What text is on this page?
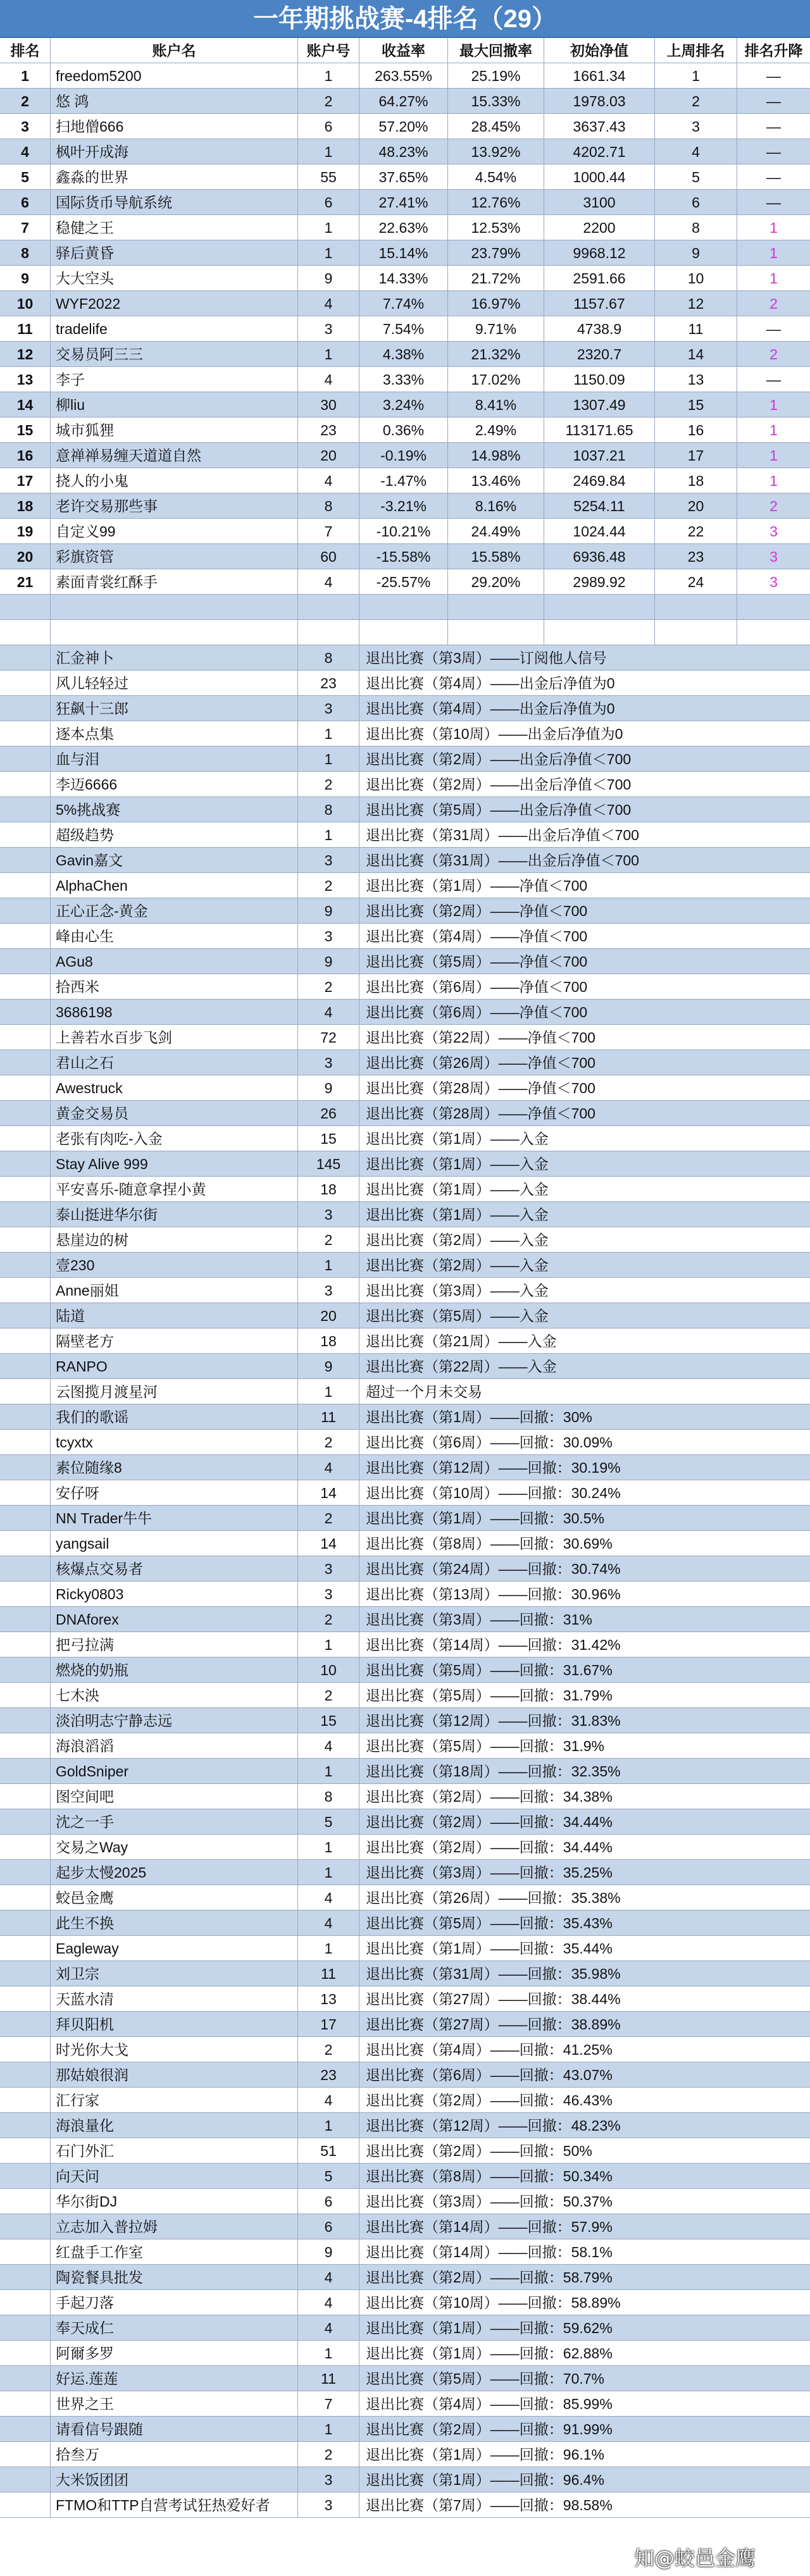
一年期挑战赛-4排名（29）
排名	账户名	账户号	收益率	最大回撤率	初始净值	上周排名	排名升降
1	freedom5200	1	263.55%	25.19%	1661.34	1	—
2	悠 鸿	2	64.27%	15.33%	1978.03	2	—
3	扫地僧666	6	57.20%	28.45%	3637.43	3	—
4	枫叶开成海	1	48.23%	13.92%	4202.71	4	—
5	鑫淼的世界	55	37.65%	4.54%	1000.44	5	—
6	国际货币导航系统	6	27.41%	12.76%	3100	6	—
7	稳健之王	1	22.63%	12.53%	2200	8	1
8	驿后黄昏	1	15.14%	23.79%	9968.12	9	1
9	大大空头	9	14.33%	21.72%	2591.66	10	1
10	WYF2022	4	7.74%	16.97%	1157.67	12	2
11	tradelife	3	7.54%	9.71%	4738.9	11	—
12	交易员阿三三	1	4.38%	21.32%	2320.7	14	2
13	李子	4	3.33%	17.02%	1150.09	13	—
14	柳liu	30	3.24%	8.41%	1307.49	15	1
15	城市狐狸	23	0.36%	2.49%	113171.65	16	1
16	意禅禅易缠天道道自然	20	-0.19%	14.98%	1037.21	17	1
17	挠人的小鬼	4	-1.47%	13.46%	2469.84	18	1
18	老许交易那些事	8	-3.21%	8.16%	5254.11	20	2
19	自定义99	7	-10.21%	24.49%	1024.44	22	3
20	彩旗资管	60	-15.58%	15.58%	6936.48	23	3
21	素面青裳红酥手	4	-25.57%	29.20%	2989.92	24	3
汇金神卜	8	退出比赛（第3周）——订阅他人信号
风儿轻轻过	23	退出比赛（第4周）——出金后净值为0
狂飙十三郎	3	退出比赛（第4周）——出金后净值为0
逐本点集	1	退出比赛（第10周）——出金后净值为0
血与泪	1	退出比赛（第2周）——出金后净值＜700
李迈6666	2	退出比赛（第2周）——出金后净值＜700
5%挑战赛	8	退出比赛（第5周）——出金后净值＜700
超级趋势	1	退出比赛（第31周）——出金后净值＜700
Gavin嘉文	3	退出比赛（第31周）——出金后净值＜700
AlphaChen	2	退出比赛（第1周）——净值＜700
正心正念-黄金	9	退出比赛（第2周）——净值＜700
峰由心生	3	退出比赛（第4周）——净值＜700
AGu8	9	退出比赛（第5周）——净值＜700
拾西米	2	退出比赛（第6周）——净值＜700
3686198	4	退出比赛（第6周）——净值＜700
上善若水百步飞剑	72	退出比赛（第22周）——净值＜700
君山之石	3	退出比赛（第26周）——净值＜700
Awestruck	9	退出比赛（第28周）——净值＜700
黄金交易员	26	退出比赛（第28周）——净值＜700
老张有肉吃-入金	15	退出比赛（第1周）——入金
Stay Alive 999	145	退出比赛（第1周）——入金
平安喜乐-随意拿捏小黄	18	退出比赛（第1周）——入金
泰山挺进华尔街	3	退出比赛（第1周）——入金
悬崖边的树	2	退出比赛（第2周）——入金
壹230	1	退出比赛（第2周）——入金
Anne丽姐	3	退出比赛（第3周）——入金
陆道	20	退出比赛（第5周）——入金
隔壁老方	18	退出比赛（第21周）——入金
RANPO	9	退出比赛（第22周）——入金
云图揽月渡星河	1	超过一个月未交易
我们的歌谣	11	退出比赛（第1周）——回撤：30%
tcyxtx	2	退出比赛（第6周）——回撤：30.09%
素位随缘8	4	退出比赛（第12周）——回撤：30.19%
安仔呀	14	退出比赛（第10周）——回撤：30.24%
NN Trader牛牛	2	退出比赛（第1周）——回撤：30.5%
yangsail	14	退出比赛（第8周）——回撤：30.69%
核爆点交易者	3	退出比赛（第24周）——回撤：30.74%
Ricky0803	3	退出比赛（第13周）——回撤：30.96%
DNAforex	2	退出比赛（第3周）——回撤：31%
把弓拉满	1	退出比赛（第14周）——回撤：31.42%
燃烧的奶瓶	10	退出比赛（第5周）——回撤：31.67%
七木泱	2	退出比赛（第5周）——回撤：31.79%
淡泊明志宁静志远	15	退出比赛（第12周）——回撤：31.83%
海浪滔滔	4	退出比赛（第5周）——回撤：31.9%
GoldSniper	1	退出比赛（第18周）——回撤：32.35%
图空间吧	8	退出比赛（第2周）——回撤：34.38%
沈之一手	5	退出比赛（第2周）——回撤：34.44%
交易之Way	1	退出比赛（第2周）——回撤：34.44%
起步太慢2025	1	退出比赛（第3周）——回撤：35.25%
蛟邑金鹰	4	退出比赛（第26周）——回撤：35.38%
此生不换	4	退出比赛（第5周）——回撤：35.43%
Eagleway	1	退出比赛（第1周）——回撤：35.44%
刘卫宗	11	退出比赛（第31周）——回撤：35.98%
天蓝水清	13	退出比赛（第27周）——回撤：38.44%
拜贝阳机	17	退出比赛（第27周）——回撤：38.89%
时光你大戈	2	退出比赛（第4周）——回撤：41.25%
那姑娘很润	23	退出比赛（第6周）——回撤：43.07%
汇行家	4	退出比赛（第2周）——回撤：46.43%
海浪量化	1	退出比赛（第12周）——回撤：48.23%
石门外汇	51	退出比赛（第2周）——回撤：50%
向天问	5	退出比赛（第8周）——回撤：50.34%
华尔街DJ	6	退出比赛（第3周）——回撤：50.37%
立志加入普拉姆	6	退出比赛（第14周）——回撤：57.9%
红盘手工作室	9	退出比赛（第14周）——回撤：58.1%
陶瓷餐具批发	4	退出比赛（第2周）——回撤：58.79%
手起刀落	4	退出比赛（第10周）——回撤：58.89%
奉天成仁	4	退出比赛（第1周）——回撤：59.62%
阿爾多罗	1	退出比赛（第1周）——回撤：62.88%
好运.莲莲	11	退出比赛（第5周）——回撤：70.7%
世界之王	7	退出比赛（第4周）——回撤：85.99%
请看信号跟随	1	退出比赛（第2周）——回撤：91.99%
拾叁万	2	退出比赛（第1周）——回撤：96.1%
大米饭团团	3	退出比赛（第1周）——回撤：96.4%
FTMO和TTP自营考试狂热爱好者	3	退出比赛（第7周）——回撤：98.58%
知@蛟邑金鹰
